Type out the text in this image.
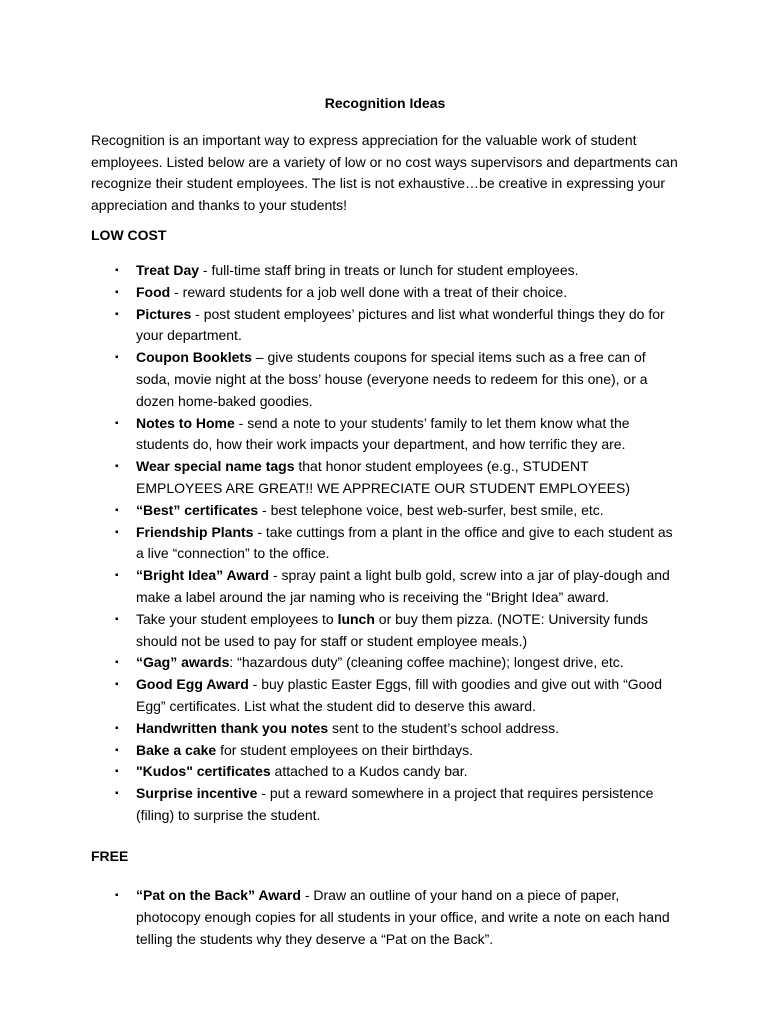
Recognition Ideas
Recognition is an important way to express appreciation for the valuable work of student employees. Listed below are a variety of low or no cost ways supervisors and departments can recognize their student employees. The list is not exhaustive…be creative in expressing your appreciation and thanks to your students!
LOW COST
▪ Treat Day - full-time staff bring in treats or lunch for student employees.
▪ Food - reward students for a job well done with a treat of their choice.
▪ Pictures - post student employees’ pictures and list what wonderful things they do for your department.
▪ Coupon Booklets – give students coupons for special items such as a free can of soda, movie night at the boss’ house (everyone needs to redeem for this one), or a dozen home-baked goodies.
▪ Notes to Home - send a note to your students’ family to let them know what the students do, how their work impacts your department, and how terrific they are.
▪ Wear special name tags that honor student employees (e.g., STUDENT EMPLOYEES ARE GREAT!! WE APPRECIATE OUR STUDENT EMPLOYEES)
▪ “Best” certificates - best telephone voice, best web-surfer, best smile, etc.
▪ Friendship Plants - take cuttings from a plant in the office and give to each student as a live “connection” to the office.
▪ “Bright Idea” Award - spray paint a light bulb gold, screw into a jar of play-dough and make a label around the jar naming who is receiving the “Bright Idea” award.
▪ Take your student employees to lunch or buy them pizza. (NOTE: University funds should not be used to pay for staff or student employee meals.)
▪ “Gag” awards: “hazardous duty” (cleaning coffee machine); longest drive, etc.
▪ Good Egg Award - buy plastic Easter Eggs, fill with goodies and give out with “Good Egg” certificates. List what the student did to deserve this award.
▪ Handwritten thank you notes sent to the student’s school address.
▪ Bake a cake for student employees on their birthdays.
▪ "Kudos" certificates attached to a Kudos candy bar.
▪ Surprise incentive - put a reward somewhere in a project that requires persistence (filing) to surprise the student.
FREE
▪ “Pat on the Back” Award - Draw an outline of your hand on a piece of paper, photocopy enough copies for all students in your office, and write a note on each hand telling the students why they deserve a “Pat on the Back”.
